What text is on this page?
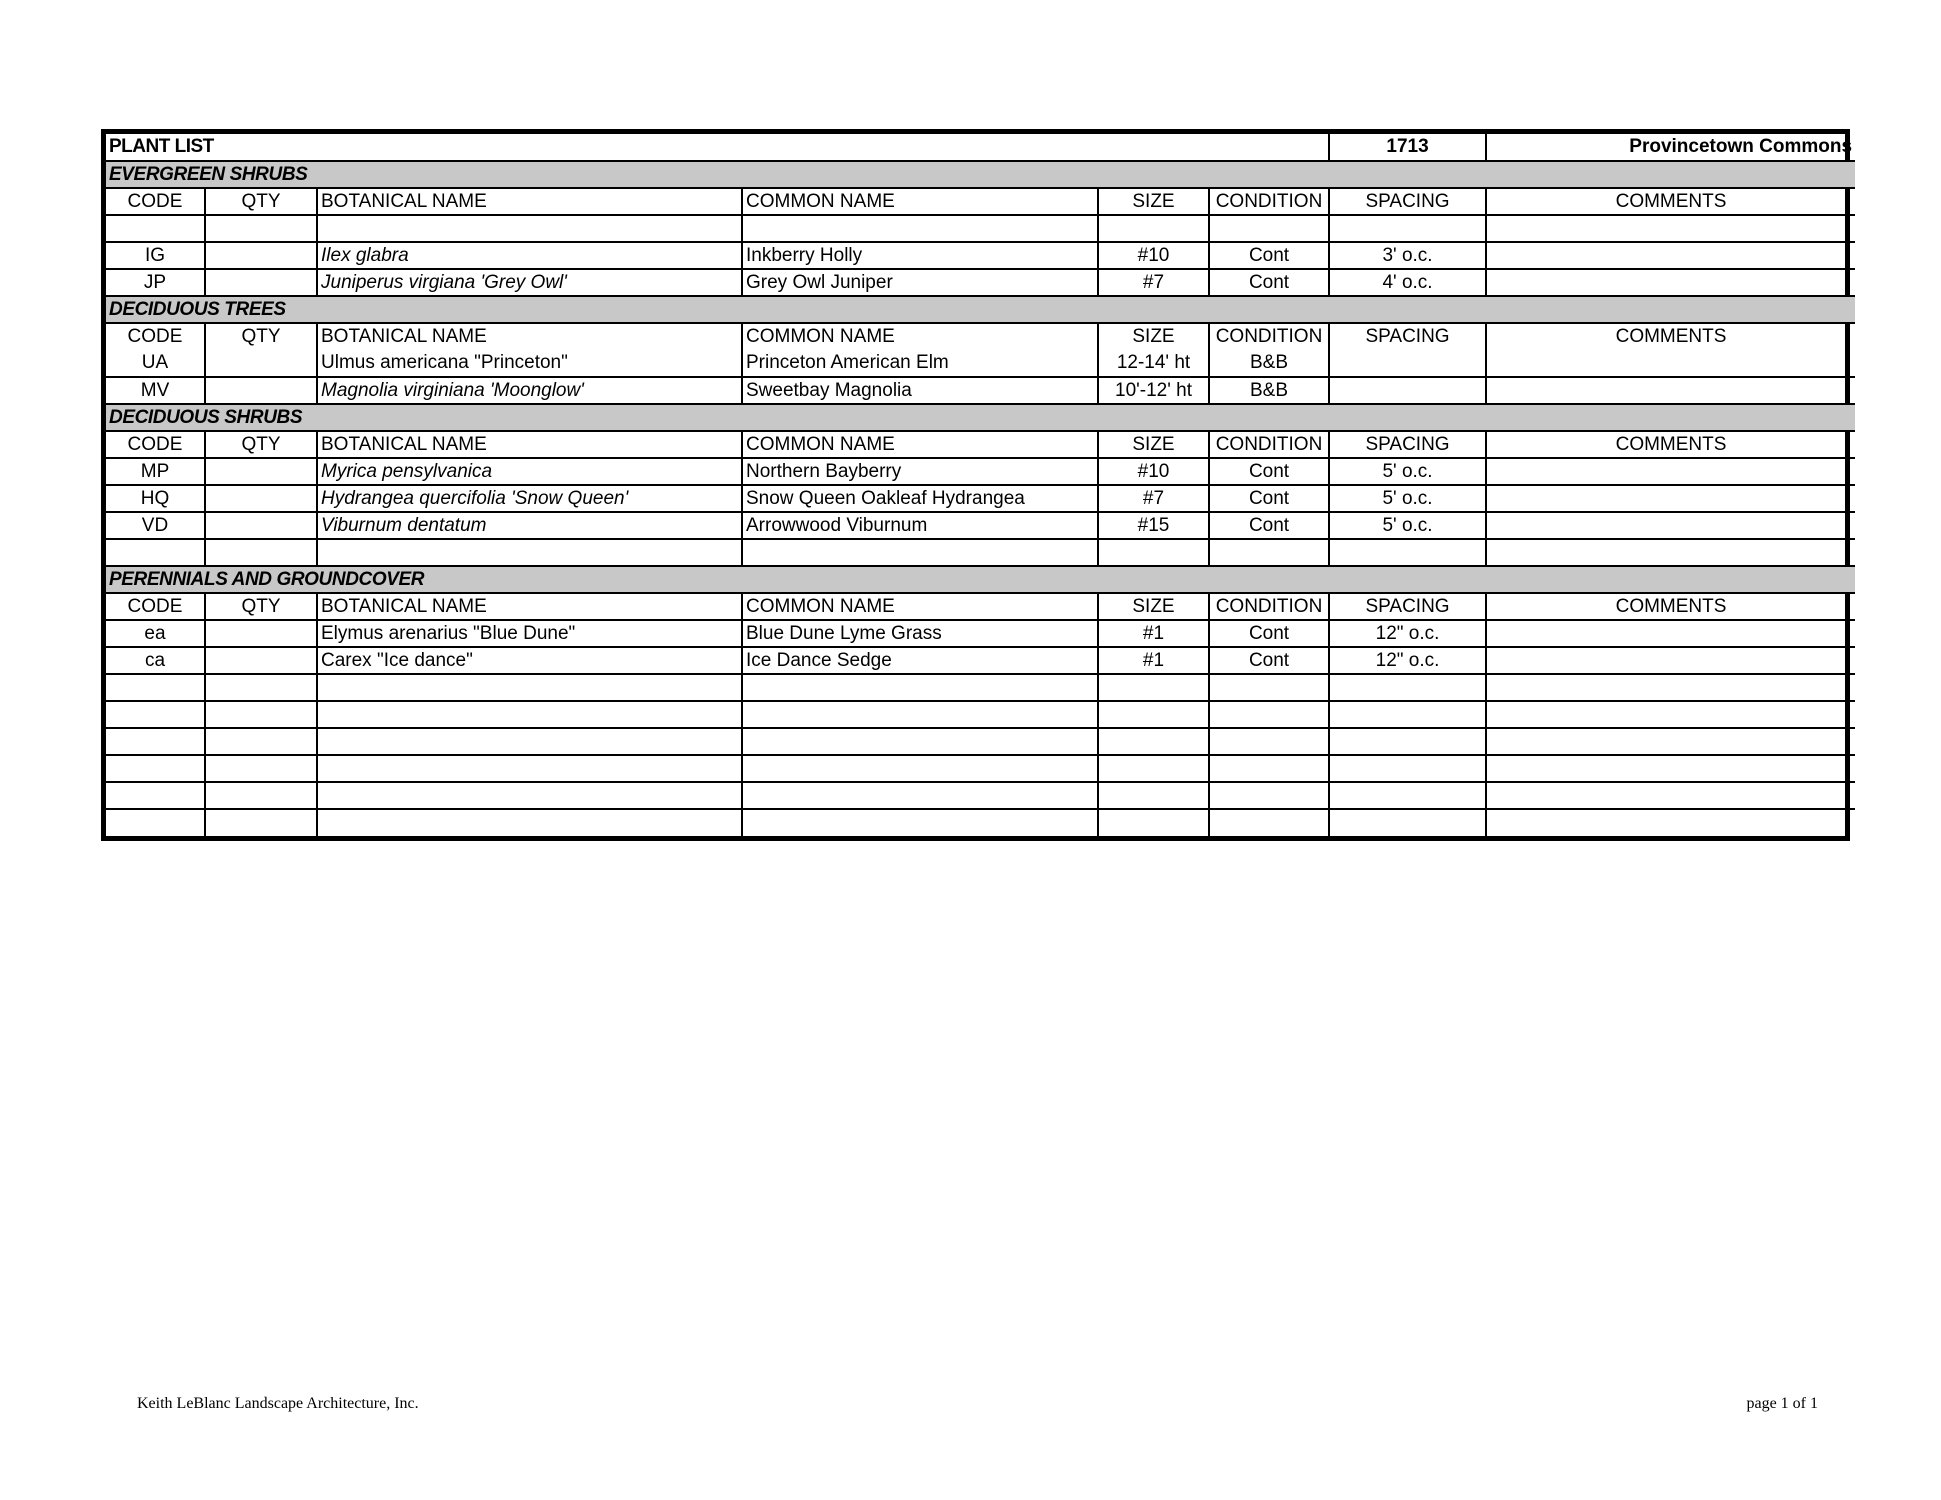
PLANT LIST						1713	Provincetown Commons
EVERGREEN SHRUBS							
CODE	QTY	BOTANICAL NAME	COMMON NAME	SIZE	CONDITION	SPACING	COMMENTS

IG		Ilex glabra	Inkberry Holly	#10	Cont	3' o.c.	
JP		Juniperus virgiana 'Grey Owl'	Grey Owl Juniper	#7	Cont	4' o.c.	
DECIDUOUS TREES							
CODE	QTY	BOTANICAL NAME	COMMON NAME	SIZE	CONDITION	SPACING	COMMENTS
UA		Ulmus americana "Princeton"	Princeton American Elm	12-14' ht	B&B		
MV		Magnolia virginiana 'Moonglow'	Sweetbay Magnolia	10'-12' ht	B&B		
DECIDUOUS SHRUBS							
CODE	QTY	BOTANICAL NAME	COMMON NAME	SIZE	CONDITION	SPACING	COMMENTS
MP		Myrica pensylvanica	Northern Bayberry	#10	Cont	5' o.c.	
HQ		Hydrangea quercifolia 'Snow Queen'	Snow Queen Oakleaf Hydrangea	#7	Cont	5' o.c.	
VD		Viburnum dentatum	Arrowwood Viburnum	#15	Cont	5' o.c.	

PERENNIALS AND GROUNDCOVER							
CODE	QTY	BOTANICAL NAME	COMMON NAME	SIZE	CONDITION	SPACING	COMMENTS
ea		Elymus arenarius "Blue Dune"	Blue Dune Lyme Grass	#1	Cont	12" o.c.	
ca		Carex "Ice dance"	Ice Dance Sedge	#1	Cont	12" o.c.	

Keith LeBlanc Landscape Architecture, Inc.	page 1 of 1
